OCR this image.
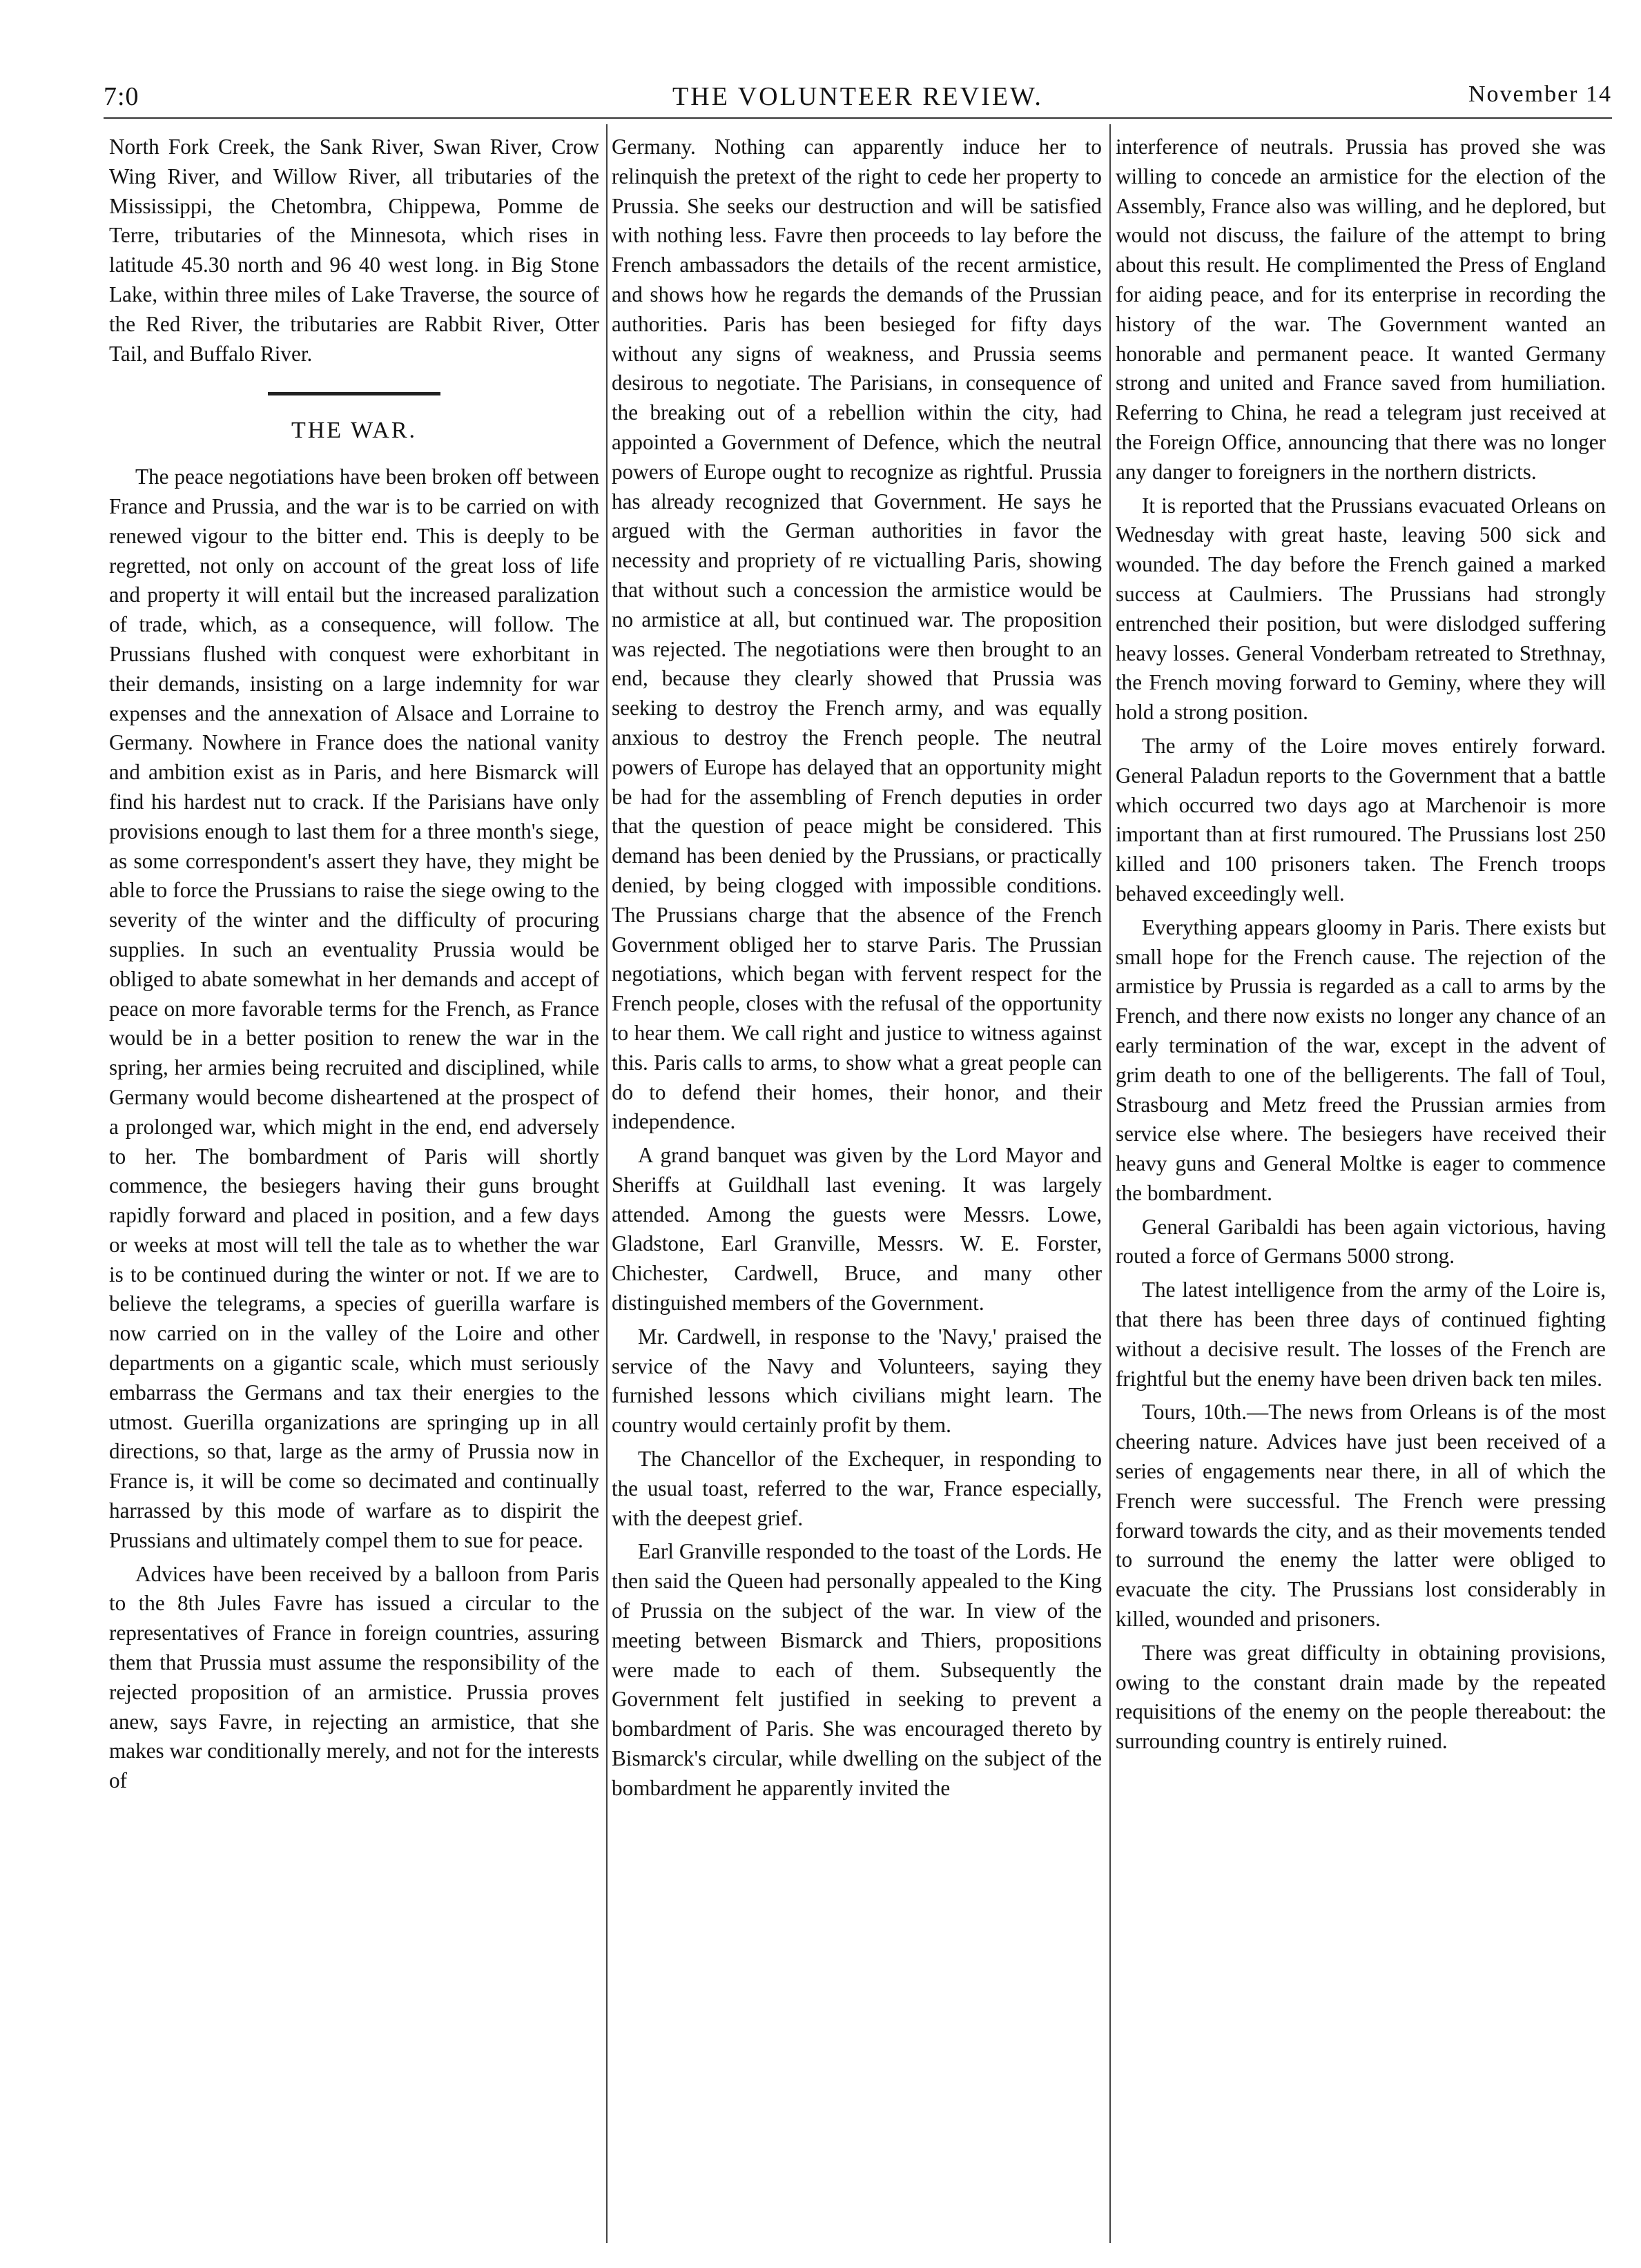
7:0	THE VOLUNTEER REVIEW.	November 14

North Fork Creek, the Sank River, Swan River, Crow Wing River, and Willow River, all tributaries of the Mississippi, the Chetombra, Chippewa, Pomme de Terre, tributaries of the Minnesota, which rises in latitude 45.30 north and 96 40 west long. in Big Stone Lake, within three miles of Lake Traverse, the source of the Red River, the tributaries are Rabbit River, Otter Tail, and Buffalo River.

THE WAR.

The peace negotiations have been broken off between France and Prussia, and the war is to be carried on with renewed vigour to the bitter end. This is deeply to be regretted, not only on account of the great loss of life and property it will entail but the increased paralization of trade, which, as a consequence, will follow. The Prussians flushed with conquest were exhorbitant in their demands, insisting on a large indemnity for war expenses and the annexation of Alsace and Lorraine to Germany. Nowhere in France does the national vanity and ambition exist as in Paris, and here Bismarck will find his hardest nut to crack. If the Parisians have only provisions enough to last them for a three month's siege, as some correspondent's assert they have, they might be able to force the Prussians to raise the siege owing to the severity of the winter and the difficulty of procuring supplies. In such an eventuality Prussia would be obliged to abate somewhat in her demands and accept of peace on more favorable terms for the French, as France would be in a better position to renew the war in the spring, her armies being recruited and disciplined, while Germany would become disheartened at the prospect of a prolonged war, which might in the end, end adversely to her. The bombardment of Paris will shortly commence, the besiegers having their guns brought rapidly forward and placed in position, and a few days or weeks at most will tell the tale as to whether the war is to be continued during the winter or not. If we are to believe the telegrams, a species of guerilla warfare is now carried on in the valley of the Loire and other departments on a gigantic scale, which must seriously embarrass the Germans and tax their energies to the utmost. Guerilla organizations are springing up in all directions, so that, large as the army of Prussia now in France is, it will be come so decimated and continually harrassed by this mode of warfare as to dispirit the Prussians and ultimately compel them to sue for peace.

Advices have been received by a balloon from Paris to the 8th Jules Favre has issued a circular to the representatives of France in foreign countries, assuring them that Prussia must assume the responsibility of the rejected proposition of an armistice. Prussia proves anew, says Favre, in rejecting an armistice, that she makes war conditionally merely, and not for the interests of

Germany. Nothing can apparently induce her to relinquish the pretext of the right to cede her property to Prussia. She seeks our destruction and will be satisfied with nothing less. Favre then proceeds to lay before the French ambassadors the details of the recent armistice, and shows how he regards the demands of the Prussian authorities. Paris has been besieged for fifty days without any signs of weakness, and Prussia seems desirous to negotiate. The Parisians, in consequence of the breaking out of a rebellion within the city, had appointed a Government of Defence, which the neutral powers of Europe ought to recognize as rightful. Prussia has already recognized that Government. He says he argued with the German authorities in favor the necessity and propriety of re victualling Paris, showing that without such a concession the armistice would be no armistice at all, but continued war. The proposition was rejected. The negotiations were then brought to an end, because they clearly showed that Prussia was seeking to destroy the French army, and was equally anxious to destroy the French people. The neutral powers of Europe has delayed that an opportunity might be had for the assembling of French deputies in order that the question of peace might be considered. This demand has been denied by the Prussians, or practically denied, by being clogged with impossible conditions. The Prussians charge that the absence of the French Government obliged her to starve Paris. The Prussian negotiations, which began with fervent respect for the French people, closes with the refusal of the opportunity to hear them. We call right and justice to witness against this. Paris calls to arms, to show what a great people can do to defend their homes, their honor, and their independence.

A grand banquet was given by the Lord Mayor and Sheriffs at Guildhall last evening. It was largely attended. Among the guests were Messrs. Lowe, Gladstone, Earl Granville, Messrs. W. E. Forster, Chichester, Cardwell, Bruce, and many other distinguished members of the Government.

Mr. Cardwell, in response to the 'Navy,' praised the service of the Navy and Volunteers, saying they furnished lessons which civilians might learn. The country would certainly profit by them.

The Chancellor of the Exchequer, in responding to the usual toast, referred to the war, France especially, with the deepest grief.

Earl Granville responded to the toast of the Lords. He then said the Queen had personally appealed to the King of Prussia on the subject of the war. In view of the meeting between Bismarck and Thiers, propositions were made to each of them. Subsequently the Government felt justified in seeking to prevent a bombardment of Paris. She was encouraged thereto by Bismarck's circular, while dwelling on the subject of the bombardment he apparently invited the

interference of neutrals. Prussia has proved she was willing to concede an armistice for the election of the Assembly, France also was willing, and he deplored, but would not discuss, the failure of the attempt to bring about this result. He complimented the Press of England for aiding peace, and for its enterprise in recording the history of the war. The Government wanted an honorable and permanent peace. It wanted Germany strong and united and France saved from humiliation. Referring to China, he read a telegram just received at the Foreign Office, announcing that there was no longer any danger to foreigners in the northern districts.

It is reported that the Prussians evacuated Orleans on Wednesday with great haste, leaving 500 sick and wounded. The day before the French gained a marked success at Caulmiers. The Prussians had strongly entrenched their position, but were dislodged suffering heavy losses. General Vonderbam retreated to Strethnay, the French moving forward to Geminy, where they will hold a strong position.

The army of the Loire moves entirely forward. General Paladun reports to the Government that a battle which occurred two days ago at Marchenoir is more important than at first rumoured. The Prussians lost 250 killed and 100 prisoners taken. The French troops behaved exceedingly well.

Everything appears gloomy in Paris. There exists but small hope for the French cause. The rejection of the armistice by Prussia is regarded as a call to arms by the French, and there now exists no longer any chance of an early termination of the war, except in the advent of grim death to one of the belligerents. The fall of Toul, Strasbourg and Metz freed the Prussian armies from service else where. The besiegers have received their heavy guns and General Moltke is eager to commence the bombardment.

General Garibaldi has been again victorious, having routed a force of Germans 5000 strong.

The latest intelligence from the army of the Loire is, that there has been three days of continued fighting without a decisive result. The losses of the French are frightful but the enemy have been driven back ten miles.

Tours, 10th.—The news from Orleans is of the most cheering nature. Advices have just been received of a series of engagements near there, in all of which the French were successful. The French were pressing forward towards the city, and as their movements tended to surround the enemy the latter were obliged to evacuate the city. The Prussians lost considerably in killed, wounded and prisoners.

There was great difficulty in obtaining provisions, owing to the constant drain made by the repeated requisitions of the enemy on the people thereabout: the surrounding country is entirely ruined.
